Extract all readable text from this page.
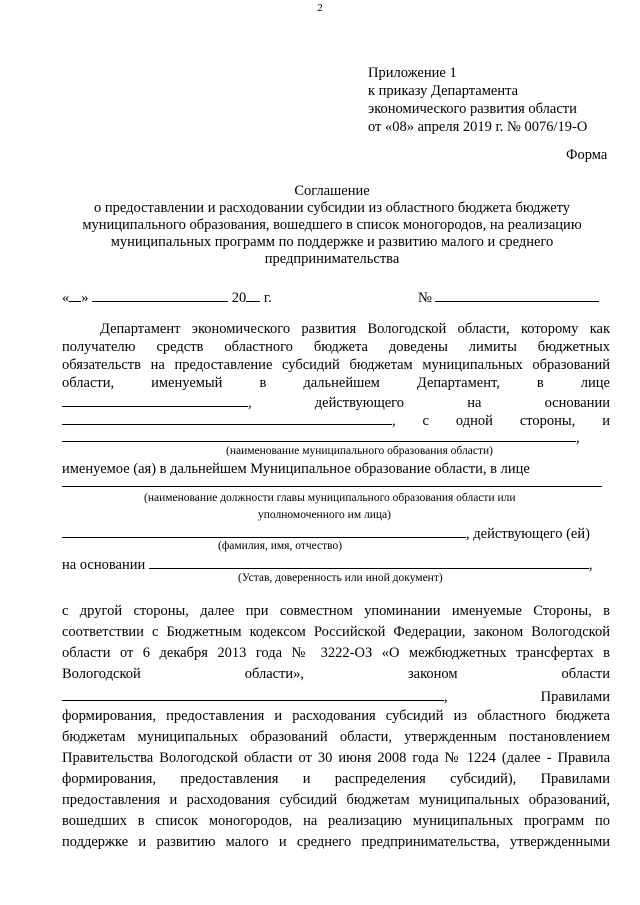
2
Приложение 1
к приказу Департамента
экономического развития области
от «08» апреля 2019 г. № 0076/19-О
Форма
Соглашение
о предоставлении и расходовании субсидии из областного бюджета бюджету
муниципального образования, вошедшего в список моногородов, на реализацию
муниципальных программ по поддержке и развитию малого и среднего
предпринимательства
« »	20 г.	№
Департамент экономического развития Вологодской области, которому как
получателю средств областного бюджета доведены лимиты бюджетных
обязательств на предоставление субсидий бюджетам муниципальных образований
области,	именуемый	в	дальнейшем	Департамент,	в	лице
,	действующего	на	основании
, с одной стороны, и
,
(наименование муниципального образования области)
именуемое (ая) в дальнейшем Муниципальное образование области, в лице
(наименование должности главы муниципального образования области или
уполномоченного им лица)
, действующего (ей)
(фамилия, имя, отчество)
на основании	,
(Устав, доверенность или иной документ)
с другой стороны, далее при совместном упоминании именуемые Стороны, в
соответствии с Бюджетным кодексом Российской Федерации, законом Вологодской
области от 6 декабря 2013 года № 3222-ОЗ «О межбюджетных трансфертах в
Вологодской	области»,	законом	области
,	Правилами
формирования, предоставления и расходования субсидий из областного бюджета
бюджетам муниципальных образований области, утвержденным постановлением
Правительства Вологодской области от 30 июня 2008 года № 1224 (далее - Правила
формирования, предоставления и распределения субсидий), Правилами
предоставления и расходования субсидий бюджетам муниципальных образований,
вошедших в список моногородов, на реализацию муниципальных программ по
поддержке и развитию малого и среднего предпринимательства, утвержденными
